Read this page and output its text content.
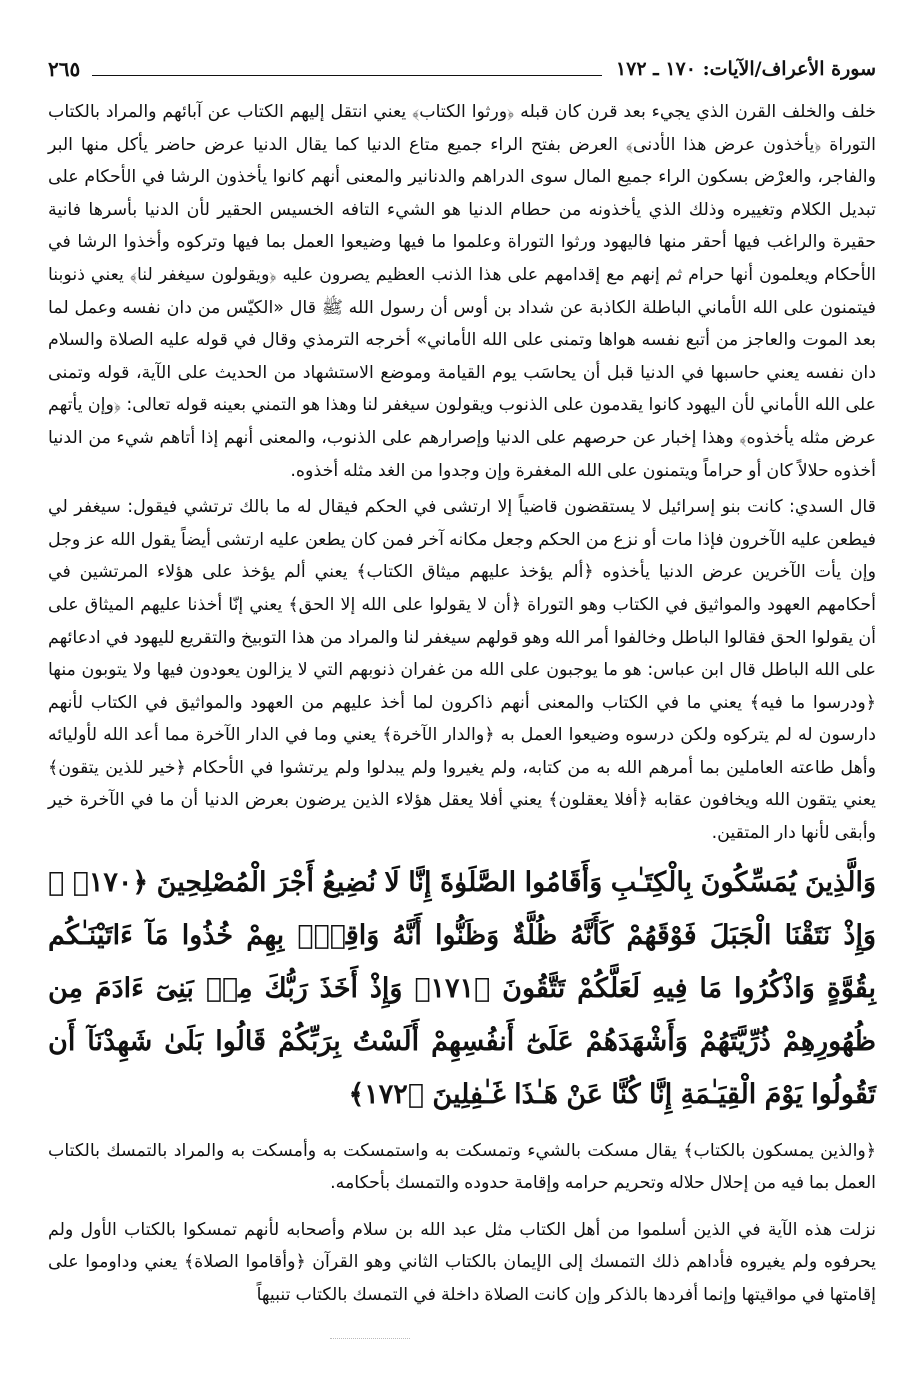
سورة الأعراف/الآيات: ١٧٠ ـ ١٧٢
٢٦٥

خلف والخلف القرن الذي يجيء بعد قرن كان قبله ﴿ورثوا الكتاب﴾ يعني انتقل إليهم الكتاب عن آبائهم والمراد بالكتاب التوراة ﴿يأخذون عرض هذا الأدنى﴾ العرض بفتح الراء جميع متاع الدنيا كما يقال الدنيا عرض حاضر يأكل منها البر والفاجر، والعرْض بسكون الراء جميع المال سوى الدراهم والدنانير والمعنى أنهم كانوا يأخذون الرشا في الأحكام على تبديل الكلام وتغييره وذلك الذي يأخذونه من حطام الدنيا هو الشيء التافه الخسيس الحقير لأن الدنيا بأسرها فانية حقيرة والراغب فيها أحقر منها فاليهود ورثوا التوراة وعلموا ما فيها وضيعوا العمل بما فيها وتركوه وأخذوا الرشا في الأحكام ويعلمون أنها حرام ثم إنهم مع إقدامهم على هذا الذنب العظيم يصرون عليه ﴿ويقولون سيغفر لنا﴾ يعني ذنوبنا فيتمنون على الله الأماني الباطلة الكاذبة عن شداد بن أوس أن رسول الله ﷺ قال «الكيّس من دان نفسه وعمل لما بعد الموت والعاجز من أتبع نفسه هواها وتمنى على الله الأماني» أخرجه الترمذي وقال في قوله عليه الصلاة والسلام دان نفسه يعني حاسبها في الدنيا قبل أن يحاسَب يوم القيامة وموضع الاستشهاد من الحديث على الآية، قوله وتمنى على الله الأماني لأن اليهود كانوا يقدمون على الذنوب ويقولون سيغفر لنا وهذا هو التمني بعينه قوله تعالى: ﴿وإن يأتهم عرض مثله يأخذوه﴾ وهذا إخبار عن حرصهم على الدنيا وإصرارهم على الذنوب، والمعنى أنهم إذا أتاهم شيء من الدنيا أخذوه حلالاً كان أو حراماً ويتمنون على الله المغفرة وإن وجدوا من الغد مثله أخذوه.

قال السدي: كانت بنو إسرائيل لا يستقضون قاضياً إلا ارتشى في الحكم فيقال له ما بالك ترتشي فيقول: سيغفر لي فيطعن عليه الآخرون فإذا مات أو نزع من الحكم وجعل مكانه آخر فمن كان يطعن عليه ارتشى أيضاً يقول الله عز وجل وإن يأت الآخرين عرض الدنيا يأخذوه ﴿ألم يؤخذ عليهم ميثاق الكتاب﴾ يعني ألم يؤخذ على هؤلاء المرتشين في أحكامهم العهود والمواثيق في الكتاب وهو التوراة ﴿أن لا يقولوا على الله إلا الحق﴾ يعني إنّا أخذنا عليهم الميثاق على أن يقولوا الحق فقالوا الباطل وخالفوا أمر الله وهو قولهم سيغفر لنا والمراد من هذا التوبيخ والتقريع لليهود في ادعائهم على الله الباطل قال ابن عباس: هو ما يوجبون على الله من غفران ذنوبهم التي لا يزالون يعودون فيها ولا يتوبون منها ﴿ودرسوا ما فيه﴾ يعني ما في الكتاب والمعنى أنهم ذاكرون لما أخذ عليهم من العهود والمواثيق في الكتاب لأنهم دارسون له لم يتركوه ولكن درسوه وضيعوا العمل به ﴿والدار الآخرة﴾ يعني وما في الدار الآخرة مما أعد الله لأوليائه وأهل طاعته العاملين بما أمرهم الله به من كتابه، ولم يغيروا ولم يبدلوا ولم يرتشوا في الأحكام ﴿خير للذين يتقون﴾ يعني يتقون الله ويخافون عقابه ﴿أفلا يعقلون﴾ يعني أفلا يعقل هؤلاء الذين يرضون بعرض الدنيا أن ما في الآخرة خير وأبقى لأنها دار المتقين.

وَالَّذِينَ يُمَسِّكُونَ بِالْكِتَـٰبِ وَأَقَامُوا الصَّلَوٰةَ إِنَّا لَا نُضِيعُ أَجْرَ الْمُصْلِحِينَ ﴿١٧٠﴾ ۞ وَإِذْ نَتَقْنَا الْجَبَلَ فَوْقَهُمْ كَأَنَّهُ ظُلَّةٌ وَظَنُّوا أَنَّهُ وَاقِعٌۢ بِهِمْ خُذُوا مَآ ءَاتَيْنَـٰكُم بِقُوَّةٍ وَاذْكُرُوا مَا فِيهِ لَعَلَّكُمْ تَتَّقُونَ ﴿١٧١﴾ وَإِذْ أَخَذَ رَبُّكَ مِنۢ بَنِىٓ ءَادَمَ مِن ظُهُورِهِمْ ذُرِّيَّتَهُمْ وَأَشْهَدَهُمْ عَلَىٰٓ أَنفُسِهِمْ أَلَسْتُ بِرَبِّكُمْ قَالُوا بَلَىٰ شَهِدْنَآ أَن تَقُولُوا يَوْمَ الْقِيَـٰمَةِ إِنَّا كُنَّا عَنْ هَـٰذَا غَـٰفِلِينَ ﴿١٧٢﴾

﴿والذين يمسكون بالكتاب﴾ يقال مسكت بالشيء وتمسكت به واستمسكت به وأمسكت به والمراد بالتمسك بالكتاب العمل بما فيه من إحلال حلاله وتحريم حرامه وإقامة حدوده والتمسك بأحكامه.

نزلت هذه الآية في الذين أسلموا من أهل الكتاب مثل عبد الله بن سلام وأصحابه لأنهم تمسكوا بالكتاب الأول ولم يحرفوه ولم يغيروه فأداهم ذلك التمسك إلى الإيمان بالكتاب الثاني وهو القرآن ﴿وأقاموا الصلاة﴾ يعني وداوموا على إقامتها في مواقيتها وإنما أفردها بالذكر وإن كانت الصلاة داخلة في التمسك بالكتاب تنبيهاً
